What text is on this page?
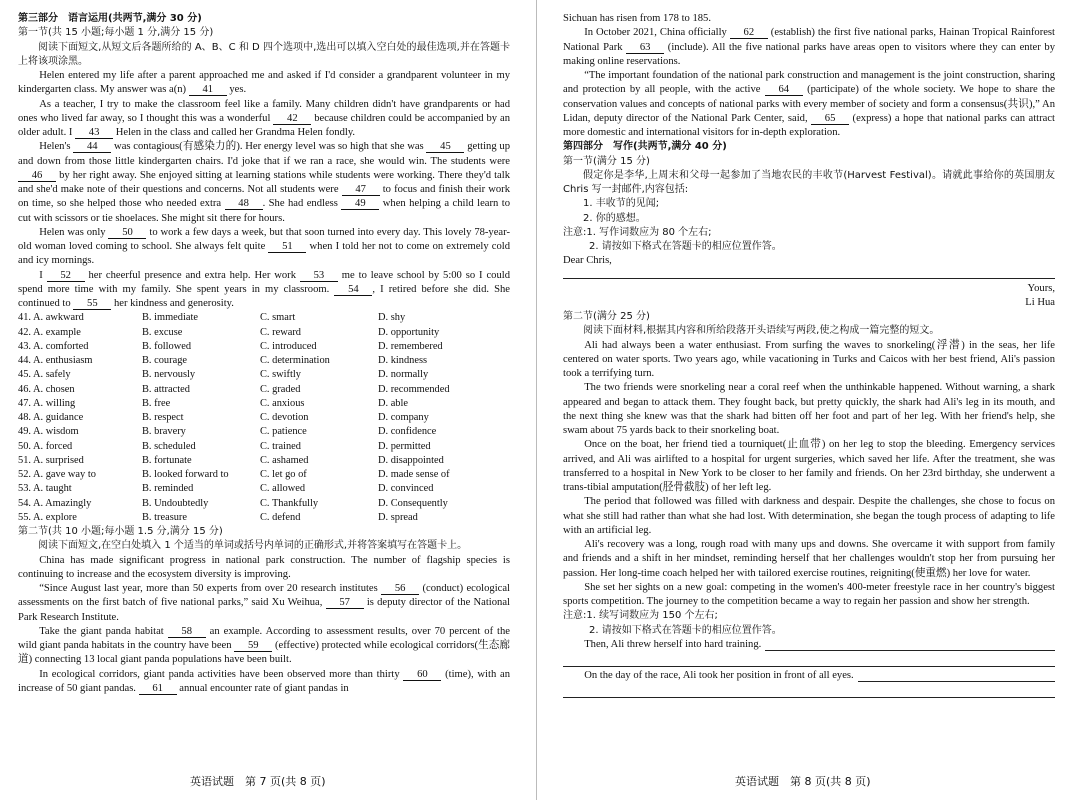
第三部分　语言运用(共两节,满分 30 分)

第一节(共 15 小题;每小题 1 分,满分 15 分)

阅读下面短文,从短文后各题所给的 A、B、C 和 D 四个选项中,选出可以填入空白处的最佳选项,并在答题卡上将该项涂黑。

Helen entered my life after a parent approached me and asked if I'd consider a grandparent volunteer in my kindergarten class. My answer was a(n) 41 yes.

As a teacher, I try to make the classroom feel like a family. Many children didn't have grandparents or had ones who lived far away, so I thought this was a wonderful 42 because children could be accompanied by an older adult. I 43 Helen in the class and called her Grandma Helen fondly.

Helen's 44 was contagious(有感染力的). Her energy level was so high that she was 45 getting up and down from those little kindergarten chairs. I'd joke that if we ran a race, she would win. The students were 46 by her right away. She enjoyed sitting at learning stations while students were working. There they'd talk and she'd make note of their questions and concerns. Not all students were 47 to focus and finish their work on time, so she helped those who needed extra 48 . She had endless 49 when helping a child learn to cut with scissors or tie shoelaces. She might sit there for hours.

Helen was only 50 to work a few days a week, but that soon turned into every day. This lovely 78-year-old woman loved coming to school. She always felt quite 51 when I told her not to come on extremely cold and icy mornings.

I 52 her cheerful presence and extra help. Her work 53 me to leave school by 5:00 so I could spend more time with my family. She spent years in my classroom. 54 , I retired before she did. She continued to 55 her kindness and generosity.

41. A. awkward	B. immediate	C. smart	D. shy
42. A. example	B. excuse	C. reward	D. opportunity
43. A. comforted	B. followed	C. introduced	D. remembered
44. A. enthusiasm	B. courage	C. determination	D. kindness
45. A. safely	B. nervously	C. swiftly	D. normally
46. A. chosen	B. attracted	C. graded	D. recommended
47. A. willing	B. free	C. anxious	D. able
48. A. guidance	B. respect	C. devotion	D. company
49. A. wisdom	B. bravery	C. patience	D. confidence
50. A. forced	B. scheduled	C. trained	D. permitted
51. A. surprised	B. fortunate	C. ashamed	D. disappointed
52. A. gave way to	B. looked forward to	C. let go of	D. made sense of
53. A. taught	B. reminded	C. allowed	D. convinced
54. A. Amazingly	B. Undoubtedly	C. Thankfully	D. Consequently
55. A. explore	B. treasure	C. defend	D. spread

第二节(共 10 小题;每小题 1.5 分,满分 15 分)

阅读下面短文,在空白处填入 1 个适当的单词或括号内单词的正确形式,并将答案填写在答题卡上。

China has made significant progress in national park construction. The number of flagship species is continuing to increase and the ecosystem diversity is improving.

“Since August last year, more than 50 experts from over 20 research institutes 56 (conduct) ecological assessments on the first batch of five national parks,” said Xu Weihua, 57 is deputy director of the National Park Research Institute.

Take the giant panda habitat 58 an example. According to assessment results, over 70 percent of the wild giant panda habitats in the country have been 59 (effective) protected while ecological corridors(生态廊道) connecting 13 local giant panda populations have been built.

In ecological corridors, giant panda activities have been observed more than thirty 60 (time), with an increase of 50 giant pandas. 61 annual encounter rate of giant pandas in

英语试题　第 7 页(共 8 页)

Sichuan has risen from 178 to 185.

In October 2021, China officially 62 (establish) the first five national parks, Hainan Tropical Rainforest National Park 63 (include). All the five national parks have areas open to visitors where they can enter by making online reservations.

“The important foundation of the national park construction and management is the joint construction, sharing and protection by all people, with the active 64 (participate) of the whole society. We hope to share the conservation values and concepts of national parks with every member of society and form a consensus(共识),” An Lidan, deputy director of the National Park Center, said, 65 (express) a hope that national parks can attract more domestic and international visitors for in-depth exploration.

第四部分　写作(共两节,满分 40 分)

第一节(满分 15 分)

假定你是李华,上周末和父母一起参加了当地农民的丰收节(Harvest Festival)。请就此事给你的英国朋友 Chris 写一封邮件,内容包括:

1. 丰收节的见闻;

2. 你的感想。

注意:1. 写作词数应为 80 个左右;

2. 请按如下格式在答题卡的相应位置作答。

Dear Chris,

Yours,

Li Hua

第二节(满分 25 分)

阅读下面材料,根据其内容和所给段落开头语续写两段,使之构成一篇完整的短文。

Ali had always been a water enthusiast. From surfing the waves to snorkeling(浮潜) in the seas, her life centered on water sports. Two years ago, while vacationing in Turks and Caicos with her best friend, Ali's passion took a terrifying turn.

The two friends were snorkeling near a coral reef when the unthinkable happened. Without warning, a shark appeared and began to attack them. They fought back, but pretty quickly, the shark had Ali's leg in its mouth, and the next thing she knew was that the shark had bitten off her foot and part of her leg. With her friend's help, she swam about 75 yards back to their snorkeling boat.

Once on the boat, her friend tied a tourniquet(止血带) on her leg to stop the bleeding. Emergency services arrived, and Ali was airlifted to a hospital for urgent surgeries, which saved her life. After the treatment, she was transferred to a hospital in New York to be closer to her family and friends. On her 23rd birthday, she underwent a trans-tibial amputation(胫骨截肢) of her left leg.

The period that followed was filled with darkness and despair. Despite the challenges, she chose to focus on what she still had rather than what she had lost. With determination, she began the tough process of adapting to life with an artificial leg.

Ali's recovery was a long, rough road with many ups and downs. She overcame it with support from family and friends and a shift in her mindset, reminding herself that her challenges wouldn't stop her from pursuing her passion. Her long-time coach helped her with tailored exercise routines, reigniting(使重燃) her love for water.

She set her sights on a new goal: competing in the women's 400-meter freestyle race in her country's biggest sports competition. The journey to the competition became a way to regain her passion and show her strength.

注意:1. 续写词数应为 150 个左右;

2. 请按如下格式在答题卡的相应位置作答。

Then, Ali threw herself into hard training.

On the day of the race, Ali took her position in front of all eyes.

英语试题　第 8 页(共 8 页)
